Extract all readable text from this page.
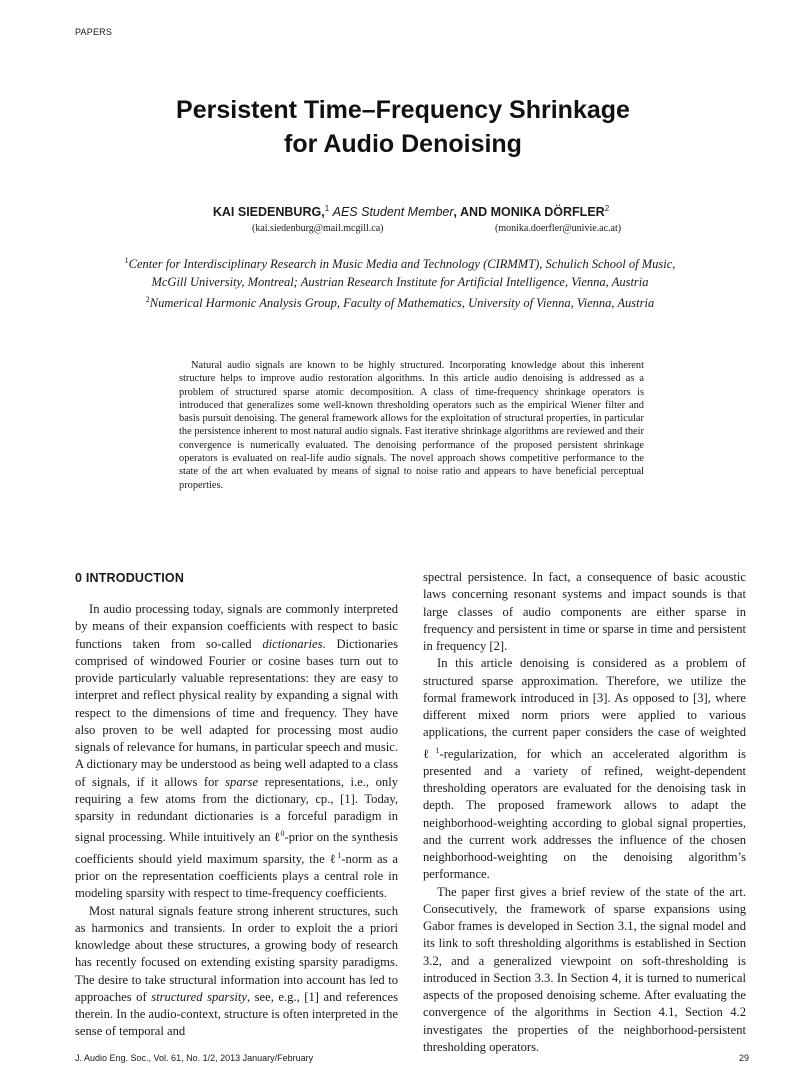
PAPERS
Persistent Time–Frequency Shrinkage
for Audio Denoising
KAI SIEDENBURG,$^1$ AES Student Member, AND MONIKA DÖRFLER$^2$
(kai.siedenburg@mail.mcgill.ca)	(monika.doerfler@univie.ac.at)
$^1$Center for Interdisciplinary Research in Music Media and Technology (CIRMMT), Schulich School of Music,
McGill University, Montreal; Austrian Research Institute for Artificial Intelligence, Vienna, Austria
$^2$Numerical Harmonic Analysis Group, Faculty of Mathematics, University of Vienna, Vienna, Austria

Natural audio signals are known to be highly structured. Incorporating knowledge about this inherent structure helps to improve audio restoration algorithms. In this article audio denoising is addressed as a problem of structured sparse atomic decomposition. A class of time-frequency shrinkage operators is introduced that generalizes some well-known thresholding operators such as the empirical Wiener filter and basis pursuit denoising. The general framework allows for the exploitation of structural properties, in particular the persistence inherent to most natural audio signals. Fast iterative shrinkage algorithms are reviewed and their convergence is numerically evaluated. The denoising performance of the proposed persistent shrinkage operators is evaluated on real-life audio signals. The novel approach shows competitive performance to the state of the art when evaluated by means of signal to noise ratio and appears to have beneficial perceptual properties.

0 INTRODUCTION

In audio processing today, signals are commonly interpreted by means of their expansion coefficients with respect to basic functions taken from so-called dictionaries. Dictionaries comprised of windowed Fourier or cosine bases turn out to provide particularly valuable representations: they are easy to interpret and reflect physical reality by expanding a signal with respect to the dimensions of time and frequency. They have also proven to be well adapted for processing most audio signals of relevance for humans, in particular speech and music. A dictionary may be understood as being well adapted to a class of signals, if it allows for sparse representations, i.e., only requiring a few atoms from the dictionary, cp., [1]. Today, sparsity in redundant dictionaries is a forceful paradigm in signal processing. While intuitively an ℓ$^0$-prior on the synthesis coefficients should yield maximum sparsity, the ℓ$^1$-norm as a prior on the representation coefficients plays a central role in modeling sparsity with respect to time-frequency coefficients.

Most natural signals feature strong inherent structures, such as harmonics and transients. In order to exploit the a priori knowledge about these structures, a growing body of research has recently focused on extending existing sparsity paradigms. The desire to take structural information into account has led to approaches of structured sparsity, see, e.g., [1] and references therein. In the audio-context, structure is often interpreted in the sense of temporal and

spectral persistence. In fact, a consequence of basic acoustic laws concerning resonant systems and impact sounds is that large classes of audio components are either sparse in frequency and persistent in time or sparse in time and persistent in frequency [2].

In this article denoising is considered as a problem of structured sparse approximation. Therefore, we utilize the formal framework introduced in [3]. As opposed to [3], where different mixed norm priors were applied to various applications, the current paper considers the case of weighted ℓ$^1$-regularization, for which an accelerated algorithm is presented and a variety of refined, weight-dependent thresholding operators are evaluated for the denoising task in depth. The proposed framework allows to adapt the neighborhood-weighting according to global signal properties, and the current work addresses the influence of the chosen neighborhood-weighting on the denoising algorithm’s performance.

The paper first gives a brief review of the state of the art. Consecutively, the framework of sparse expansions using Gabor frames is developed in Section 3.1, the signal model and its link to soft thresholding algorithms is established in Section 3.2, and a generalized viewpoint on soft-thresholding is introduced in Section 3.3. In Section 4, it is turned to numerical aspects of the proposed denoising scheme. After evaluating the convergence of the algorithms in Section 4.1, Section 4.2 investigates the properties of the neighborhood-persistent thresholding operators.

J. Audio Eng. Soc., Vol. 61, No. 1/2, 2013 January/February	29
